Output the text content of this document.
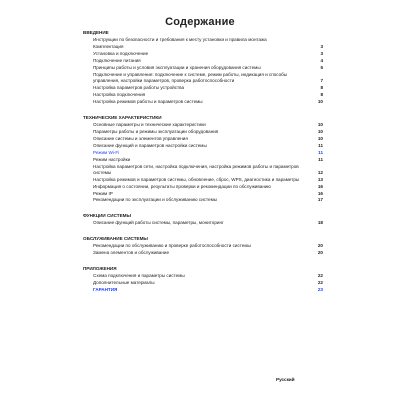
Содержание
ВВЕДЕНИЕ
Инструкции по безопасности и требования к месту установки и правила монтажа
Комплектация	3
Установка и подключение	3
Подключение питания	4
Принципы работы и условия эксплуатации и хранения оборудования системы	5
Подключение и управление: подключение к системе, режим работы, индикация и способы управления, настройки параметров, проверка работоспособности	7
Настройка параметров работы устройства	8
Настройка подключения	8
Настройка режимов работы и параметров системы	10
ТЕХНИЧЕСКИЕ ХАРАКТЕРИСТИКИ
Основные параметры и технические характеристики	10
Параметры работы и режимы эксплуатации оборудования	10
Описание системы и элементов управления	10
Описание функций и параметров настройки системы	11
Режим Wi-Fi	11
Режим настройки	11
Настройка параметров сети, настройка подключения, настройка режимов работы и параметров системы	12
Настройка режимов и параметров системы, обновление, сброс, WPS, диагностика и параметры	13
Информация о состоянии, результаты проверки и рекомендации по обслуживанию	16
Режим IP	16
Рекомендации по эксплуатации и обслуживанию системы	17
ФУНКЦИИ СИСТЕМЫ
Описание функций работы системы, параметры, мониторинг	18
ОБСЛУЖИВАНИЕ СИСТЕМЫ
Рекомендации по обслуживанию и проверке работоспособности системы	20
Замена элементов и обслуживание	20
ПРИЛОЖЕНИЯ
Схема подключения и параметры системы	22
Дополнительные материалы	22
ГАРАНТИЯ	23
Русский
